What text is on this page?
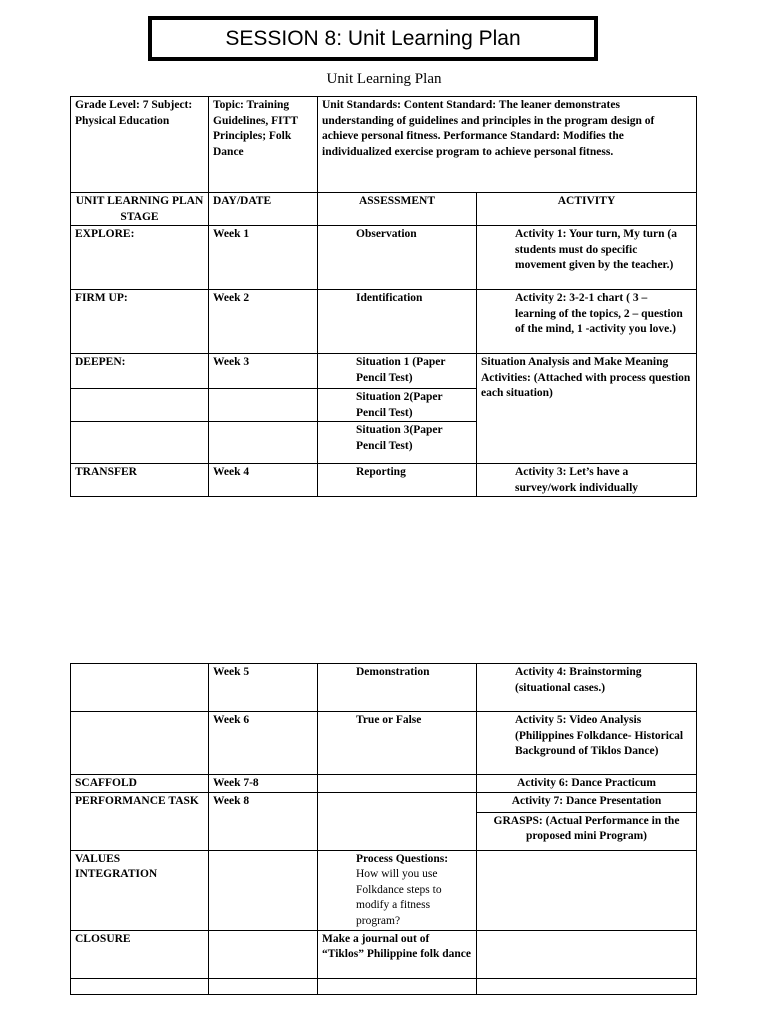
SESSION 8: Unit Learning Plan
Unit Learning Plan
Grade Level: 7 Subject: Physical Education	Topic: Training Guidelines, FITT Principles; Folk Dance	Unit Standards: Content Standard: The leaner demonstrates understanding of guidelines and principles in the program design of achieve personal fitness. Performance Standard: Modifies the individualized exercise program to achieve personal fitness.	
UNIT LEARNING PLAN STAGE	DAY/DATE	ASSESSMENT	ACTIVITY
EXPLORE:	Week 1	Observation	Activity 1: Your turn, My turn (a students must do specific movement given by the teacher.)
FIRM UP:	Week 2	Identification	Activity 2: 3-2-1 chart ( 3 – learning of the topics, 2 – question of the mind, 1 -activity you love.)
DEEPEN:	Week 3	Situation 1 (Paper Pencil Test)	Situation Analysis and Make Meaning Activities: (Attached with process question each situation)
		Situation 2(Paper Pencil Test)	
		Situation 3(Paper Pencil Test)	
TRANSFER	Week 4	Reporting	Activity 3: Let’s have a survey/work individually
	Week 5	Demonstration	Activity 4: Brainstorming (situational cases.)
	Week 6	True or False	Activity 5: Video Analysis (Philippines Folkdance- Historical Background of Tiklos Dance)
SCAFFOLD	Week 7-8		Activity 6: Dance Practicum
PERFORMANCE TASK	Week 8		Activity 7: Dance Presentation
			GRASPS: (Actual Performance in the proposed mini Program)
VALUES INTEGRATION		Process Questions:
How will you use Folkdance steps to modify a fitness program?	

CLOSURE		Make a journal out of “Tiklos” Philippine folk dance	
